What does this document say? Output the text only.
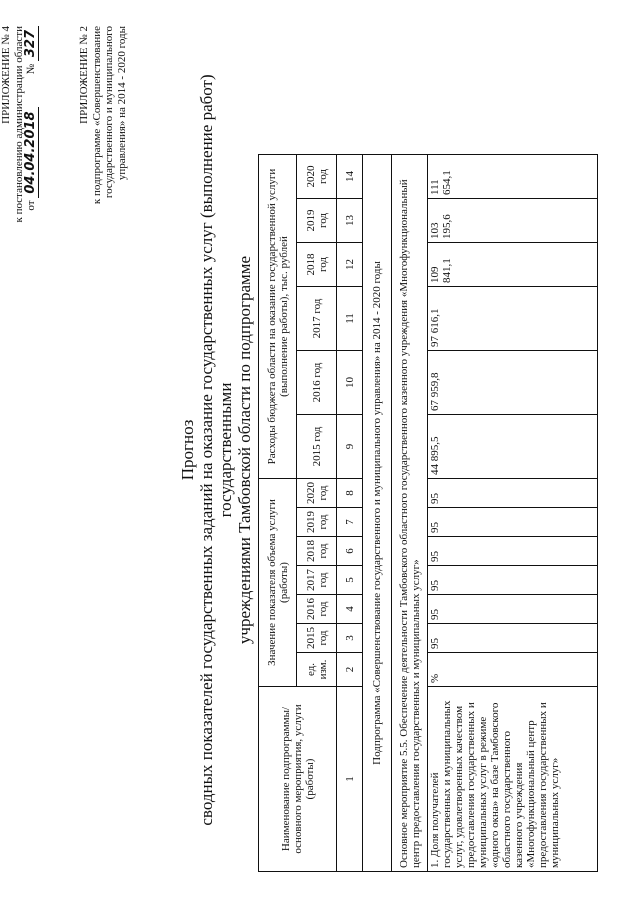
ПРИЛОЖЕНИЕ № 4 к постановлению администрации области от 04.04.2018            № 327	ПРИЛОЖЕНИЕ № 2 к подпрограмме «Совершенствование государственного и муниципального управления» на 2014 - 2020 годы
Прогноз сводных показателей государственных заданий на оказание государственных услуг (выполнение работ) государственными учреждениями Тамбовской области по подпрограмме
Наименование подпрограммы/основного мероприятия, услуги (работы)	Значение показателя объема услуги (работы)							Расходы бюджета области на оказание государственной услуги (выполнение работы), тыс. рублей					
	ед. изм.	2015 год	2016 год	2017 год	2018 год	2019 год	2020 год	2015 год	2016 год	2017 год	2018 год	2019 год	2020 год
1	2	3	4	5	6	7	8	9	10	11	12	13	14
Подпрограмма «Совершенствование государственного и муниципального управления» на 2014 - 2020 годы													
Основное мероприятие 5.5. Обеспечение деятельности Тамбовского областного государственного казенного учреждения «Многофункциональный центр предоставления государственных и муниципальных услуг»													
1. Доля получателей государственных и муниципальных услуг, удовлетворенных качеством предоставления государственных и муниципальных услуг в режиме «одного окна» на базе Тамбовского областного государственного казенного учреждения «Многофункциональный центр предоставления государственных и муниципальных услуг»	%	95	95	95	95	95	95	44 895,5	67 959,8	97 616,1	109 841,1	103 195,6	111 654,1
